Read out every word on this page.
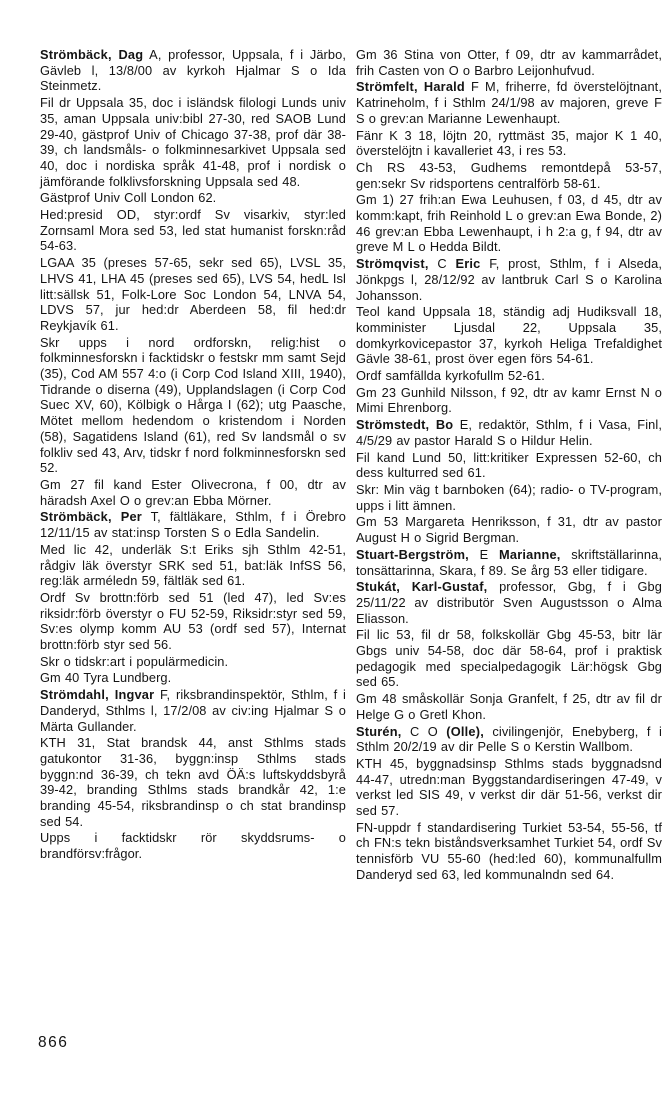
Strömbäck, Dag A, professor, Uppsala, f i Järbo, Gävleb l, 13/8/00 av kyrkoh Hjalmar S o Ida Steinmetz.

Fil dr Uppsala 35, doc i isländsk filologi Lunds univ 35, aman Uppsala univ:bibl 27-30, red SAOB Lund 29-40, gästprof Univ of Chicago 37-38, prof där 38-39, ch landsmåls- o folkminnesarkivet Uppsala sed 40, doc i nordiska språk 41-48, prof i nordisk o jämförande folklivsforskning Uppsala sed 48.

Gästprof Univ Coll London 62.

Hed:presid OD, styr:ordf Sv visarkiv, styr:led Zornsaml Mora sed 53, led stat humanist forskn:råd 54-63.

LGAA 35 (preses 57-65, sekr sed 65), LVSL 35, LHVS 41, LHA 45 (preses sed 65), LVS 54, hedL Isl litt:sällsk 51, Folk-Lore Soc London 54, LNVA 54, LDVS 57, jur hed:dr Aberdeen 58, fil hed:dr Reykjavík 61.

Skr upps i nord ordforskn, relig:hist o folkminnesforskn i facktidskr o festskr mm samt Sejd (35), Cod AM 557 4:o (i Corp Cod Island XIII, 1940), Tidrande o diserna (49), Upplandslagen (i Corp Cod Suec XV, 60), Kölbigk o Hårga I (62); utg Paasche, Mötet mellom hedendom o kristendom i Norden (58), Sagatidens Island (61), red Sv landsmål o sv folkliv sed 43, Arv, tidskr f nord folkminnesforskn sed 52.

Gm 27 fil kand Ester Olivecrona, f 00, dtr av häradsh Axel O o grev:an Ebba Mörner.

Strömbäck, Per T, fältläkare, Sthlm, f i Örebro 12/11/15 av stat:insp Torsten S o Edla Sandelin.

Med lic 42, underläk S:t Eriks sjh Sthlm 42-51, rådgiv läk överstyr SRK sed 51, bat:läk InfSS 56, reg:läk arméledn 59, fältläk sed 61.

Ordf Sv brottn:förb sed 51 (led 47), led Sv:es riksidr:förb överstyr o FU 52-59, Riksidr:styr sed 59, Sv:es olymp komm AU 53 (ordf sed 57), Internat brottn:förb styr sed 56.

Skr o tidskr:art i populärmedicin.

Gm 40 Tyra Lundberg.

Strömdahl, Ingvar F, riksbrandinspektör, Sthlm, f i Danderyd, Sthlms l, 17/2/08 av civ:ing Hjalmar S o Märta Gullander.

KTH 31, Stat brandsk 44, anst Sthlms stads gatukontor 31-36, byggn:insp Sthlms stads byggn:nd 36-39, ch tekn avd ÖÄ:s luftskyddsbyrå 39-42, branding Sthlms stads brandkår 42, 1:e branding 45-54, riksbrandinsp o ch stat brandinsp sed 54.

Upps i facktidskr rör skyddsrums- o brandförsv:frågor.

Gm 36 Stina von Otter, f 09, dtr av kammarrådet, frih Casten von O o Barbro Leijonhufvud.

Strömfelt, Harald F M, friherre, fd överstelöjtnant, Katrineholm, f i Sthlm 24/1/98 av majoren, greve F S o grev:an Marianne Lewenhaupt.

Fänr K 3 18, löjtn 20, ryttmäst 35, major K 1 40, överstelöjtn i kavalleriet 43, i res 53.

Ch RS 43-53, Gudhems remontdepå 53-57, gen:sekr Sv ridsportens centralförb 58-61.

Gm 1) 27 frih:an Ewa Leuhusen, f 03, d 45, dtr av komm:kapt, frih Reinhold L o grev:an Ewa Bonde, 2) 46 grev:an Ebba Lewenhaupt, i h 2:a g, f 94, dtr av greve M L o Hedda Bildt.

Strömqvist, C Eric F, prost, Sthlm, f i Alseda, Jönkpgs l, 28/12/92 av lantbruk Carl S o Karolina Johansson.

Teol kand Uppsala 18, ständig adj Hudiksvall 18, komminister Ljusdal 22, Uppsala 35, domkyrkovicepastor 37, kyrkoh Heliga Trefaldighet Gävle 38-61, prost över egen förs 54-61.

Ordf samfällda kyrkofullm 52-61.

Gm 23 Gunhild Nilsson, f 92, dtr av kamr Ernst N o Mimi Ehrenborg.

Strömstedt, Bo E, redaktör, Sthlm, f i Vasa, Finl, 4/5/29 av pastor Harald S o Hildur Helin.

Fil kand Lund 50, litt:kritiker Expressen 52-60, ch dess kulturred sed 61.

Skr: Min väg t barnboken (64); radio- o TV-program, upps i litt ämnen.

Gm 53 Margareta Henriksson, f 31, dtr av pastor August H o Sigrid Bergman.

Stuart-Bergström, E Marianne, skriftställarinna, tonsättarinna, Skara, f 89. Se årg 53 eller tidigare.

Stukát, Karl-Gustaf, professor, Gbg, f i Gbg 25/11/22 av distributör Sven Augustsson o Alma Eliasson.

Fil lic 53, fil dr 58, folkskollär Gbg 45-53, bitr lär Gbgs univ 54-58, doc där 58-64, prof i praktisk pedagogik med specialpedagogik Lär:högsk Gbg sed 65.

Gm 48 småskollär Sonja Granfelt, f 25, dtr av fil dr Helge G o Gretl Khon.

Sturén, C O (Olle), civilingenjör, Enebyberg, f i Sthlm 20/2/19 av dir Pelle S o Kerstin Wallbom.

KTH 45, byggnadsinsp Sthlms stads byggnadsnd 44-47, utredn:man Byggstandardiseringen 47-49, v verkst led SIS 49, v verkst dir där 51-56, verkst dir sed 57.

FN-uppdr f standardisering Turkiet 53-54, 55-56, tf ch FN:s tekn biståndsverksamhet Turkiet 54, ordf Sv tennisförb VU 55-60 (hed:led 60), kommunalfullm Danderyd sed 63, led kommunalndn sed 64.

866
